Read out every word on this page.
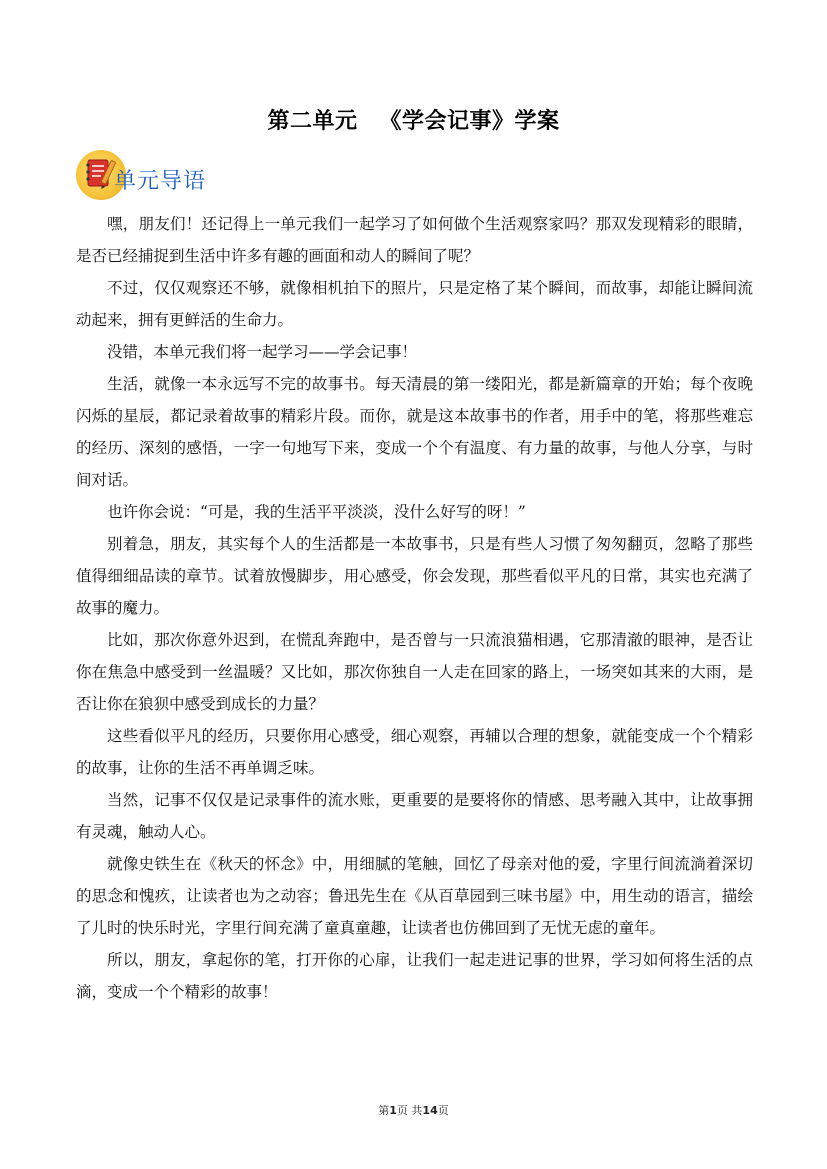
第二单元 《学会记事》学案
单元导语

嘿，朋友们！还记得上一单元我们一起学习了如何做个生活观察家吗？那双发现精彩的眼睛，是否已经捕捉到生活中许多有趣的画面和动人的瞬间了呢？

不过，仅仅观察还不够，就像相机拍下的照片，只是定格了某个瞬间，而故事，却能让瞬间流动起来，拥有更鲜活的生命力。

没错，本单元我们将一起学习——学会记事！

生活，就像一本永远写不完的故事书。每天清晨的第一缕阳光，都是新篇章的开始；每个夜晚闪烁的星辰，都记录着故事的精彩片段。而你，就是这本故事书的作者，用手中的笔，将那些难忘的经历、深刻的感悟，一字一句地写下来，变成一个个有温度、有力量的故事，与他人分享，与时间对话。

也许你会说：“可是，我的生活平平淡淡，没什么好写的呀！”

别着急，朋友，其实每个人的生活都是一本故事书，只是有些人习惯了匆匆翻页，忽略了那些值得细细品读的章节。试着放慢脚步，用心感受，你会发现，那些看似平凡的日常，其实也充满了故事的魔力。

比如，那次你意外迟到，在慌乱奔跑中，是否曾与一只流浪猫相遇，它那清澈的眼神，是否让你在焦急中感受到一丝温暖？又比如，那次你独自一人走在回家的路上，一场突如其来的大雨，是否让你在狼狈中感受到成长的力量？

这些看似平凡的经历，只要你用心感受，细心观察，再辅以合理的想象，就能变成一个个精彩的故事，让你的生活不再单调乏味。

当然，记事不仅仅是记录事件的流水账，更重要的是要将你的情感、思考融入其中，让故事拥有灵魂，触动人心。

就像史铁生在《秋天的怀念》中，用细腻的笔触，回忆了母亲对他的爱，字里行间流淌着深切的思念和愧疚，让读者也为之动容；鲁迅先生在《从百草园到三味书屋》中，用生动的语言，描绘了儿时的快乐时光，字里行间充满了童真童趣，让读者也仿佛回到了无忧无虑的童年。

所以，朋友，拿起你的笔，打开你的心扉，让我们一起走进记事的世界，学习如何将生活的点滴，变成一个个精彩的故事！

第1页 共14页
